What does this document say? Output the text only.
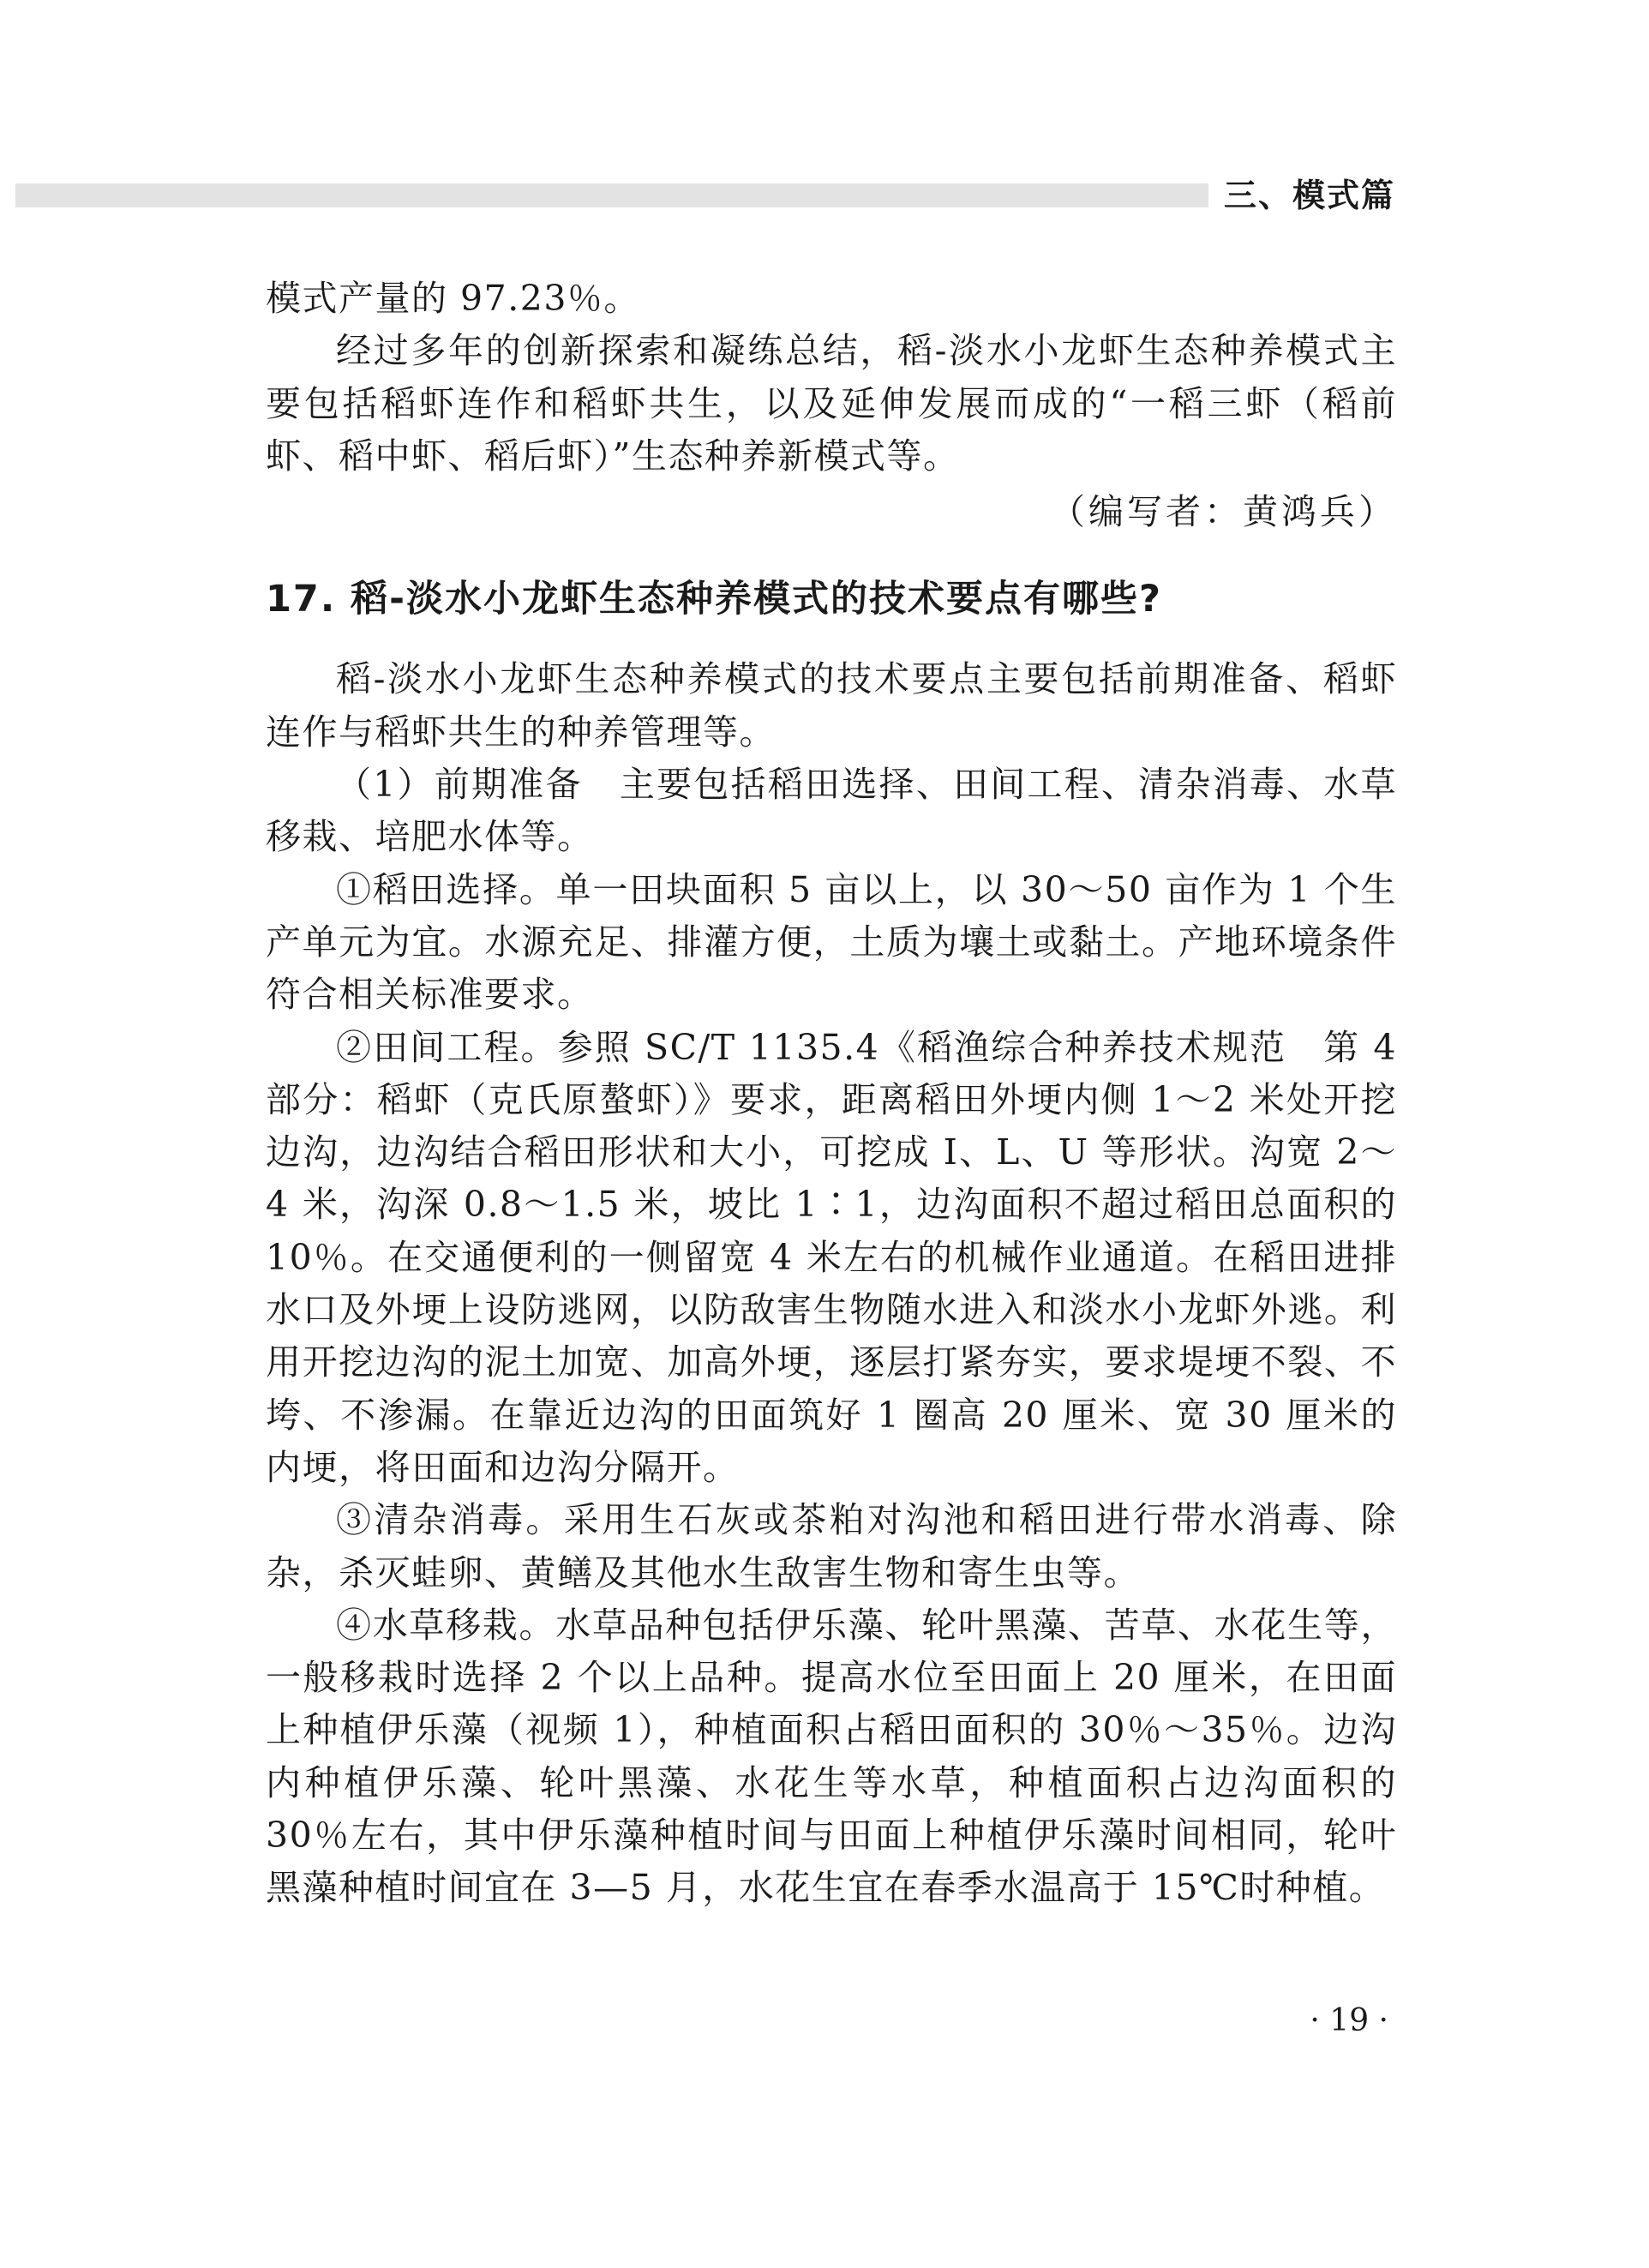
三、模式篇

模式产量的 97.23％。

经过多年的创新探索和凝练总结，稻-淡水小龙虾生态种养模式主要包括稻虾连作和稻虾共生，以及延伸发展而成的“一稻三虾（稻前虾、稻中虾、稻后虾）”生态种养新模式等。

（编写者：黄鸿兵）

17. 稻-淡水小龙虾生态种养模式的技术要点有哪些?

稻-淡水小龙虾生态种养模式的技术要点主要包括前期准备、稻虾连作与稻虾共生的种养管理等。

（1）前期准备　主要包括稻田选择、田间工程、清杂消毒、水草移栽、培肥水体等。

①稻田选择。单一田块面积 5 亩以上，以 30～50 亩作为 1 个生产单元为宜。水源充足、排灌方便，土质为壤土或黏土。产地环境条件符合相关标准要求。

②田间工程。参照 SC/T 1135.4《稻渔综合种养技术规范　第 4 部分：稻虾（克氏原螯虾）》要求，距离稻田外埂内侧 1～2 米处开挖边沟，边沟结合稻田形状和大小，可挖成 I、L、U 等形状。沟宽 2～4 米，沟深 0.8～1.5 米，坡比 1∶1，边沟面积不超过稻田总面积的 10％。在交通便利的一侧留宽 4 米左右的机械作业通道。在稻田进排水口及外埂上设防逃网，以防敌害生物随水进入和淡水小龙虾外逃。利用开挖边沟的泥土加宽、加高外埂，逐层打紧夯实，要求堤埂不裂、不垮、不渗漏。在靠近边沟的田面筑好 1 圈高 20 厘米、宽 30 厘米的内埂，将田面和边沟分隔开。

③清杂消毒。采用生石灰或茶粕对沟池和稻田进行带水消毒、除杂，杀灭蛙卵、黄鳝及其他水生敌害生物和寄生虫等。

④水草移栽。水草品种包括伊乐藻、轮叶黑藻、苦草、水花生等，一般移栽时选择 2 个以上品种。提高水位至田面上 20 厘米，在田面上种植伊乐藻（视频 1），种植面积占稻田面积的 30％～35％。边沟内种植伊乐藻、轮叶黑藻、水花生等水草，种植面积占边沟面积的 30％左右，其中伊乐藻种植时间与田面上种植伊乐藻时间相同，轮叶黑藻种植时间宜在 3—5 月，水花生宜在春季水温高于 15℃时种植。

· 19 ·
